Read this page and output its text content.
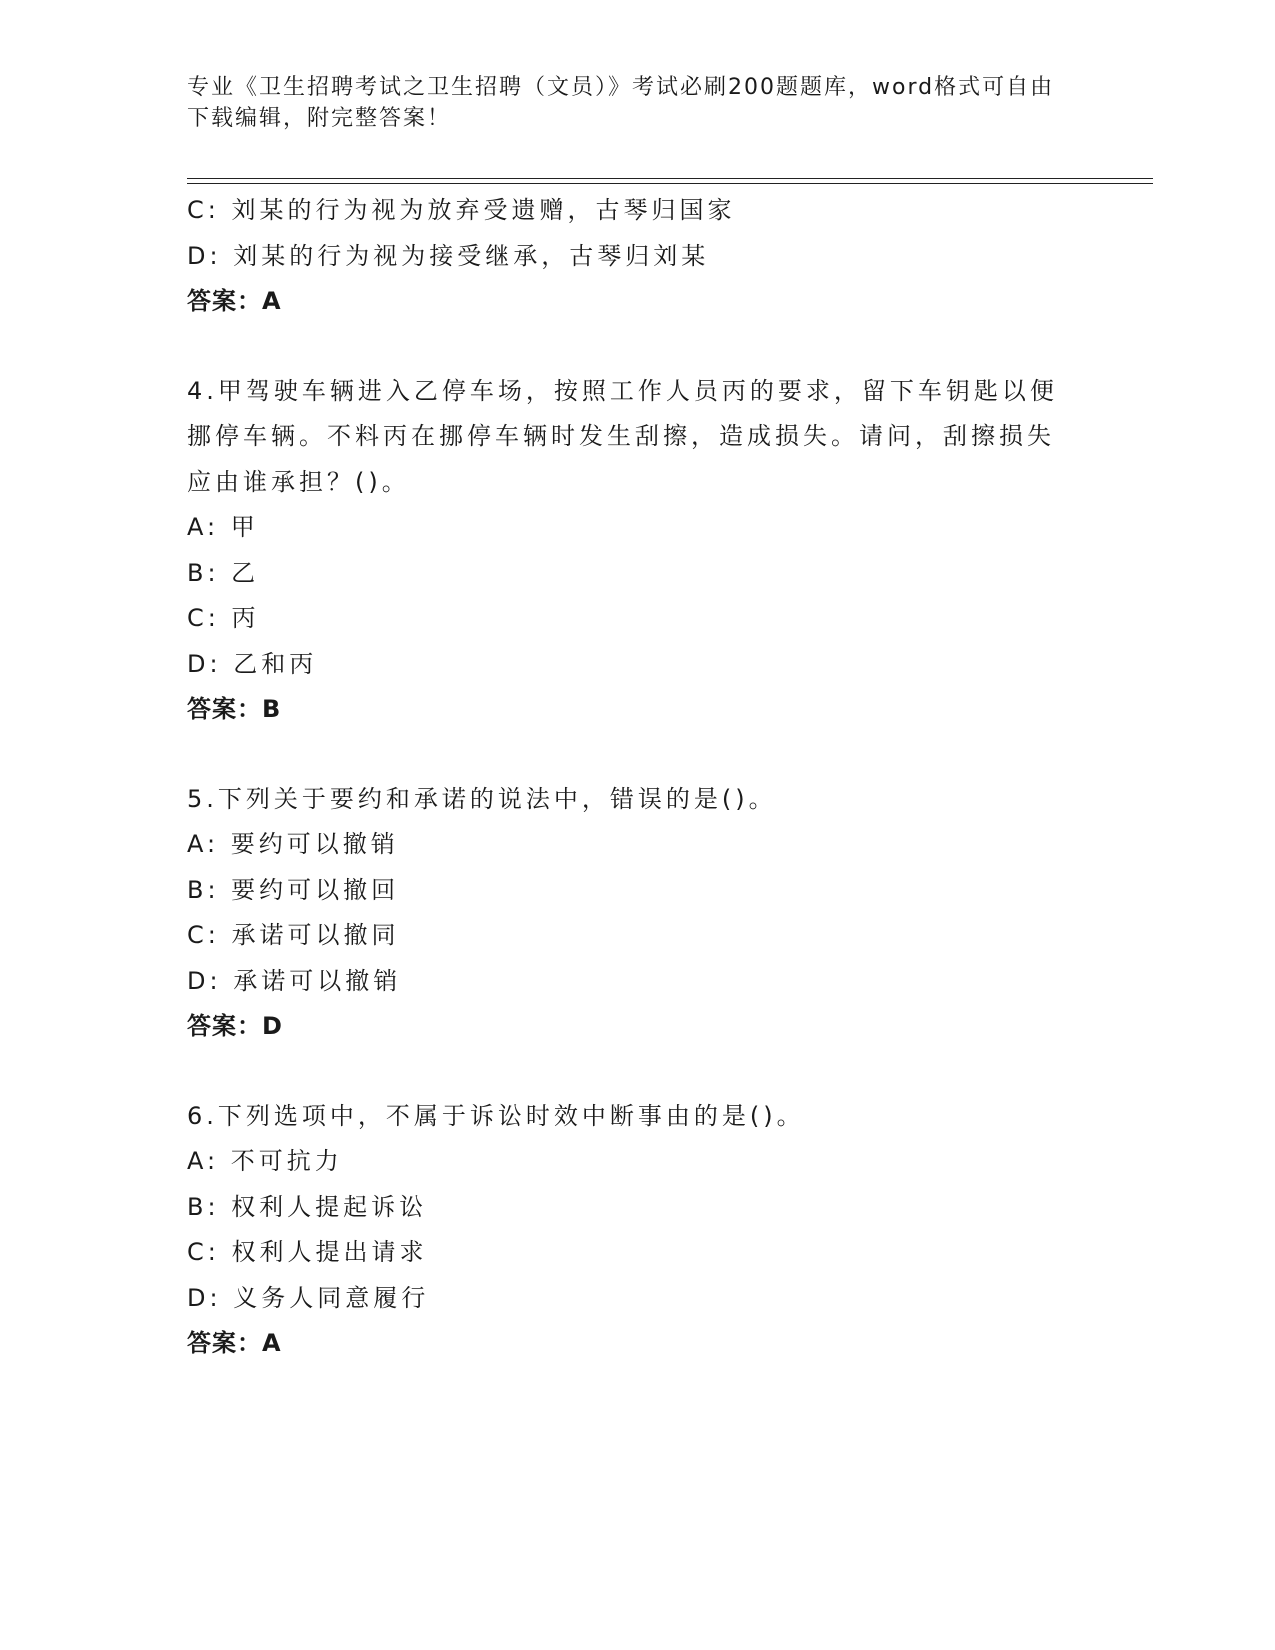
专业《卫生招聘考试之卫生招聘（文员）》考试必刷200题题库，word格式可自由下载编辑，附完整答案！

C: 刘某的行为视为放弃受遗赠，古琴归国家

D: 刘某的行为视为接受继承，古琴归刘某

答案：A

4.甲驾驶车辆进入乙停车场，按照工作人员丙的要求，留下车钥匙以便挪停车辆。不料丙在挪停车辆时发生刮擦，造成损失。请问，刮擦损失应由谁承担？()。

A: 甲

B: 乙

C: 丙

D: 乙和丙

答案：B

5.下列关于要约和承诺的说法中，错误的是()。

A: 要约可以撤销

B: 要约可以撤回

C: 承诺可以撤同

D: 承诺可以撤销

答案：D

6.下列选项中，不属于诉讼时效中断事由的是()。

A: 不可抗力

B: 权利人提起诉讼

C: 权利人提出请求

D: 义务人同意履行

答案：A
